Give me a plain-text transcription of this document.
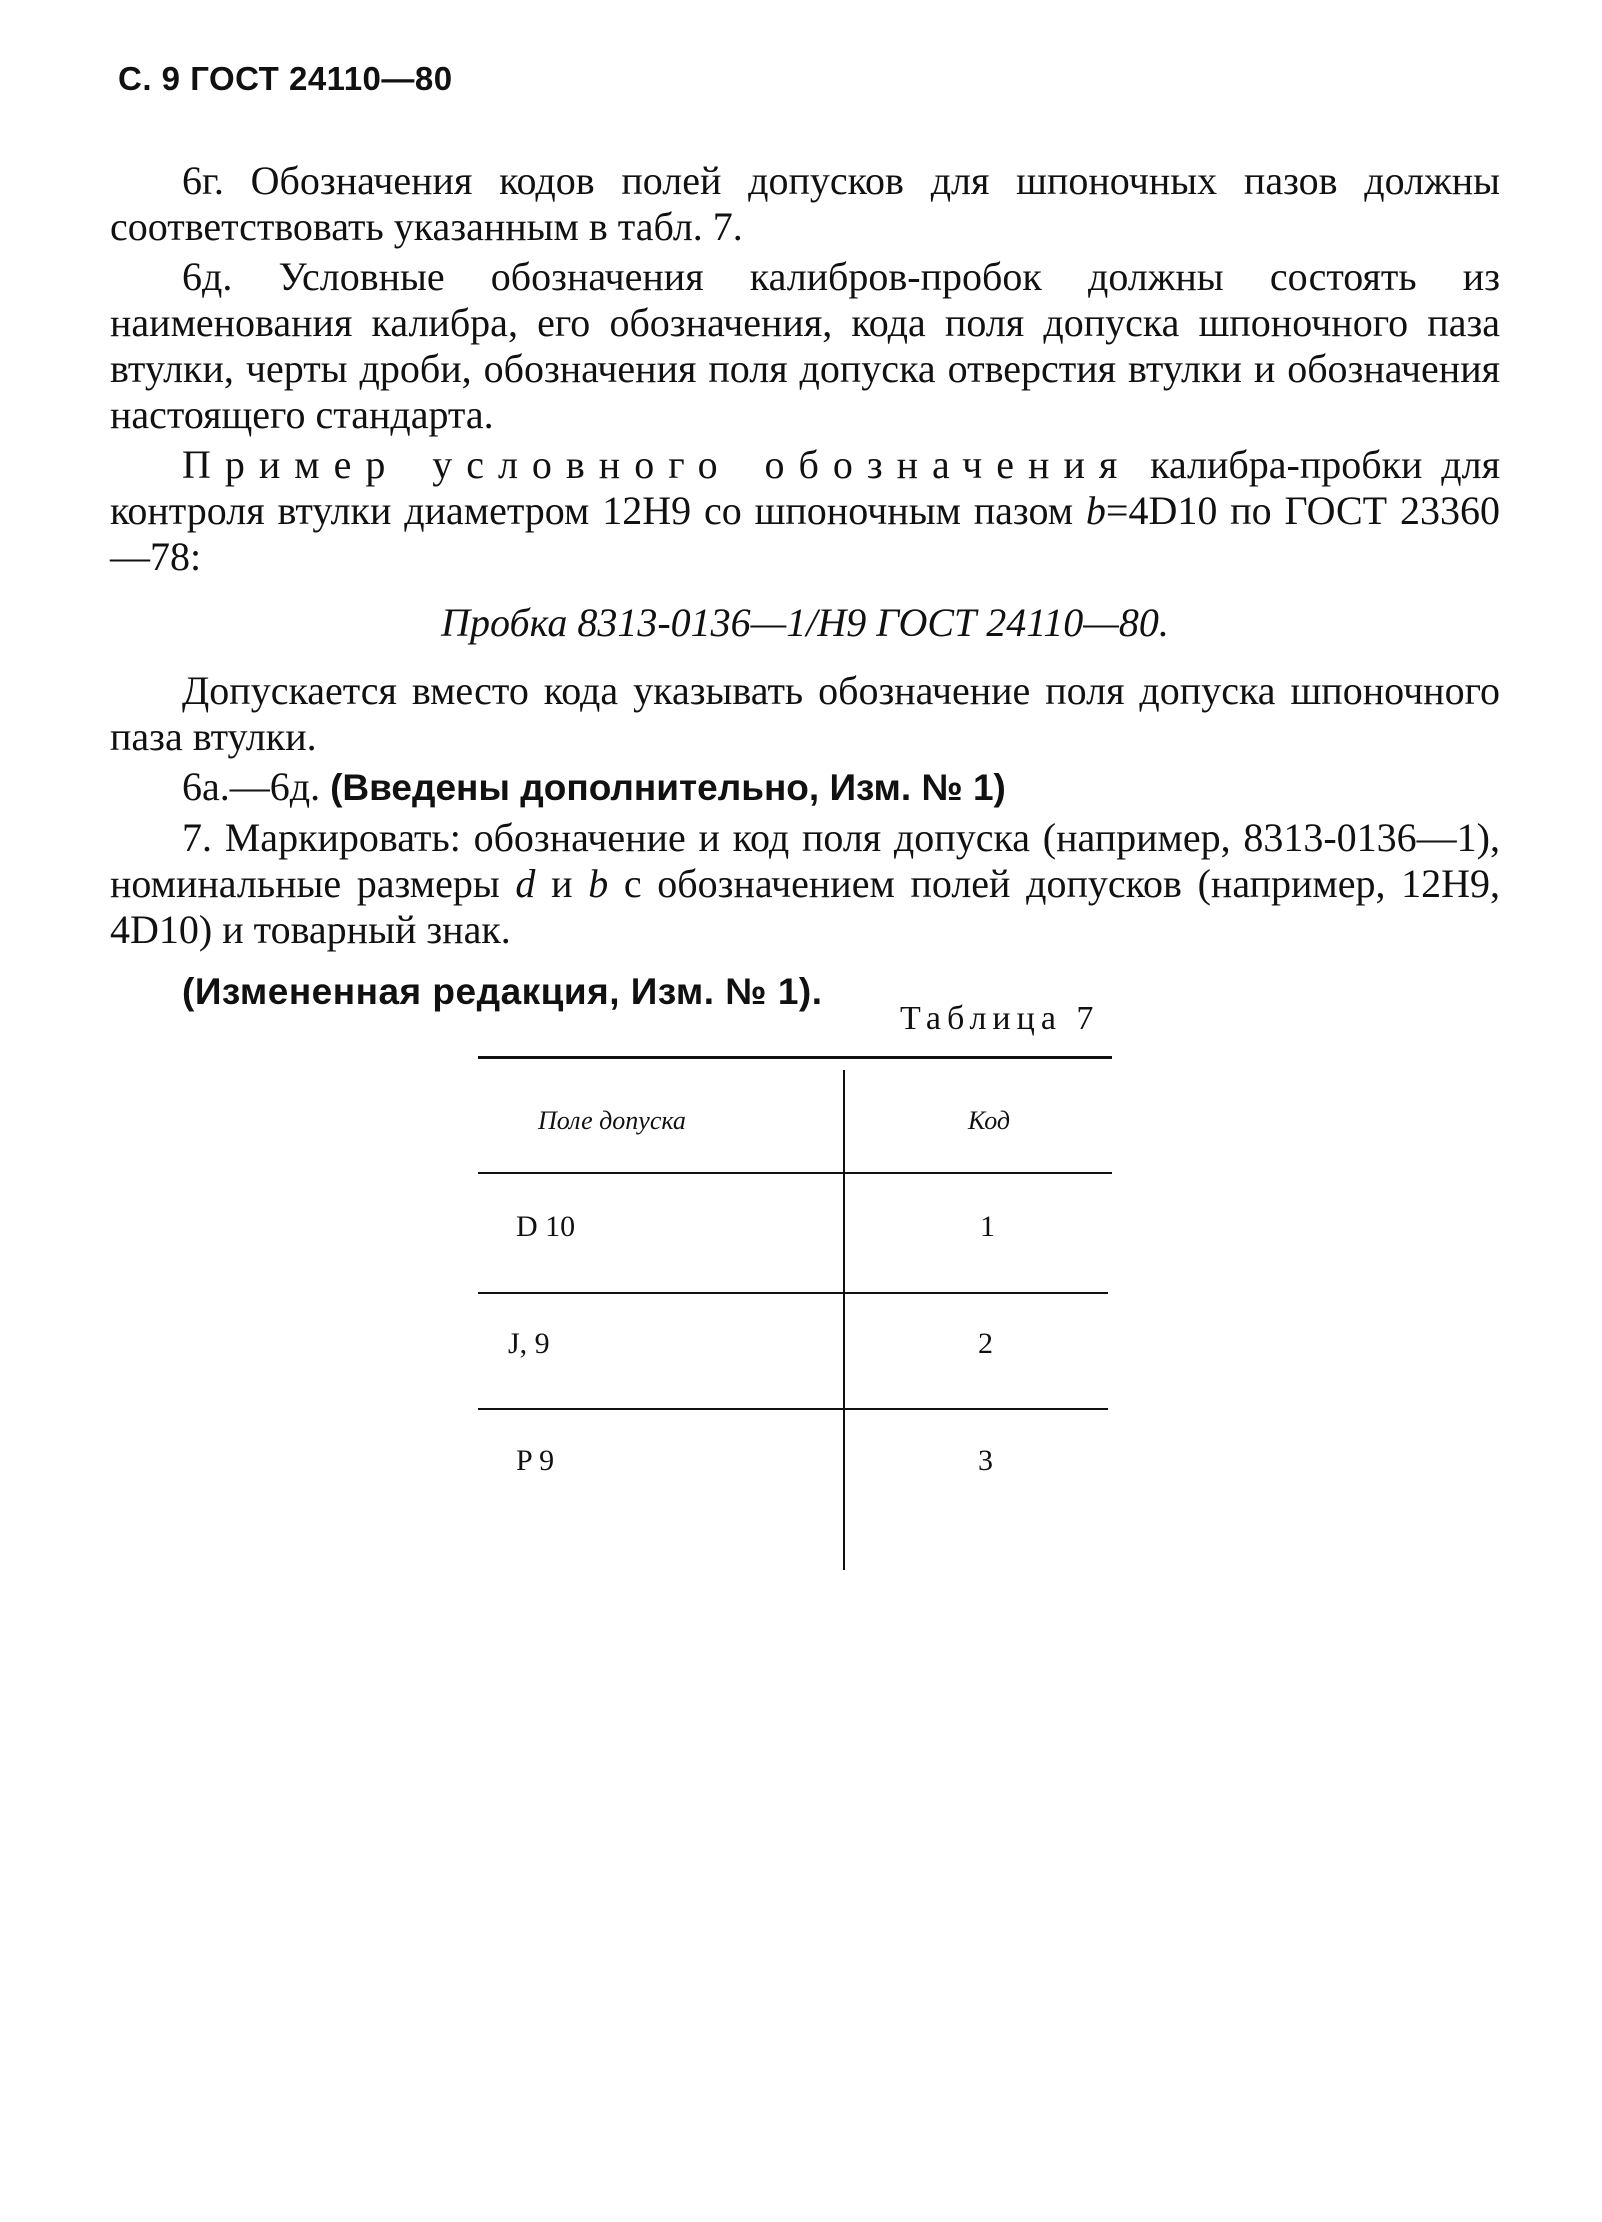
С. 9 ГОСТ 24110—80

6г. Обозначения кодов полей допусков для шпоночных пазов должны соответствовать указанным в табл. 7.

6д. Условные обозначения калибров-пробок должны состоять из наименования калибра, его обозначения, кода поля допуска шпоночного паза втулки, черты дроби, обозначения поля допуска отверстия втулки и обозначения настоящего стандарта.

Пример условного обозначения калибра-пробки для контроля втулки диаметром 12H9 со шпоночным пазом b=4D10 по ГОСТ 23360—78:

Пробка 8313-0136—1/H9 ГОСТ 24110—80.

Допускается вместо кода указывать обозначение поля допуска шпоночного паза втулки.

6а.—6д. (Введены дополнительно, Изм. № 1)

7. Маркировать: обозначение и код поля допуска (например, 8313-0136—1), номинальные размеры d и b с обозначением полей допусков (например, 12H9, 4D10) и товарный знак.

(Измененная редакция, Изм. № 1).

Таблица 7
Поле допуска	Код
D 10	1
J, 9	2
P 9	3
